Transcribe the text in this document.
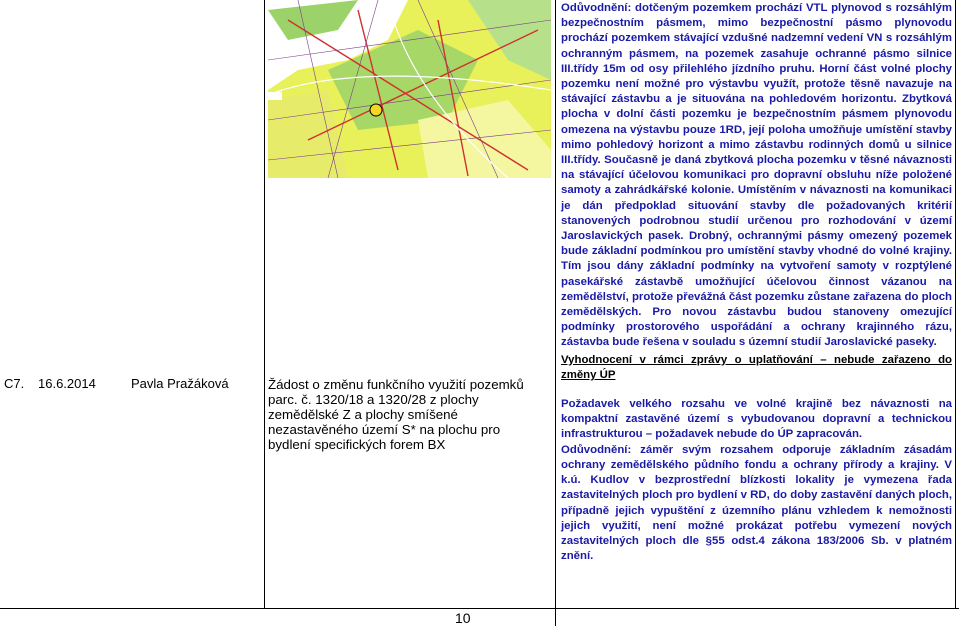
C7. 16.6.2014	Pavla Pražáková	Žádost o změnu funkčního využití pozemků
parc. č. 1320/18 a 1320/28 z plochy
zemědělské Z a plochy smíšené
nezastavěného území S* na plochu pro
bydlení specifických forem BX

Odůvodnění: dotčeným pozemkem prochází VTL plynovod s rozsáhlým bezpečnostním pásmem, mimo bezpečnostní pásmo plynovodu prochází pozemkem stávající vzdušné nadzemní vedení VN s rozsáhlým ochranným pásmem, na pozemek zasahuje ochranné pásmo silnice III.třídy 15m od osy přilehlého jízdního pruhu. Horní část volné plochy pozemku není možné pro výstavbu využít, protože těsně navazuje na stávající zástavbu a je situována na pohledovém horizontu. Zbytková plocha v dolní části pozemku je bezpečnostním pásmem plynovodu omezena na výstavbu pouze 1RD, její poloha umožňuje umístění stavby mimo pohledový horizont a mimo zástavbu rodinných domů u silnice III.třídy. Současně je daná zbytková plocha pozemku v těsné návaznosti na stávající účelovou komunikaci pro dopravní obsluhu níže položené samoty a zahrádkářské kolonie. Umístěním v návaznosti na komunikaci je dán předpoklad situování stavby dle požadovaných kritérií stanovených podrobnou studií určenou pro rozhodování v území Jaroslavických pasek. Drobný, ochrannými pásmy omezený pozemek bude základní podmínkou pro umístění stavby vhodné do volné krajiny. Tím jsou dány základní podmínky na vytvoření samoty v rozptýlené pasekářské zástavbě umožňující účelovou činnost vázanou na zemědělství, protože převážná část pozemku zůstane zařazena do ploch zemědělských. Pro novou zástavbu budou stanoveny omezující podmínky prostorového uspořádání a ochrany krajinného rázu, zástavba bude řešena v souladu s územní studií Jaroslavické paseky.

Vyhodnocení v rámci zprávy o uplatňování – nebude zařazeno do změny ÚP

Požadavek velkého rozsahu ve volné krajině bez návaznosti na kompaktní zastavěné území s vybudovanou dopravní a technickou infrastrukturou – požadavek nebude do ÚP zapracován.

Odůvodnění: záměr svým rozsahem odporuje základním zásadám ochrany zemědělského půdního fondu a ochrany přírody a krajiny. V k.ú. Kudlov v bezprostřední blízkosti lokality je vymezena řada zastavitelných ploch pro bydlení v RD, do doby zastavění daných ploch, případně jejich vypuštění z územního plánu vzhledem k nemožnosti jejich využití, není možné prokázat potřebu vymezení nových zastavitelných ploch dle §55 odst.4 zákona 183/2006 Sb. v platném znění.

10
